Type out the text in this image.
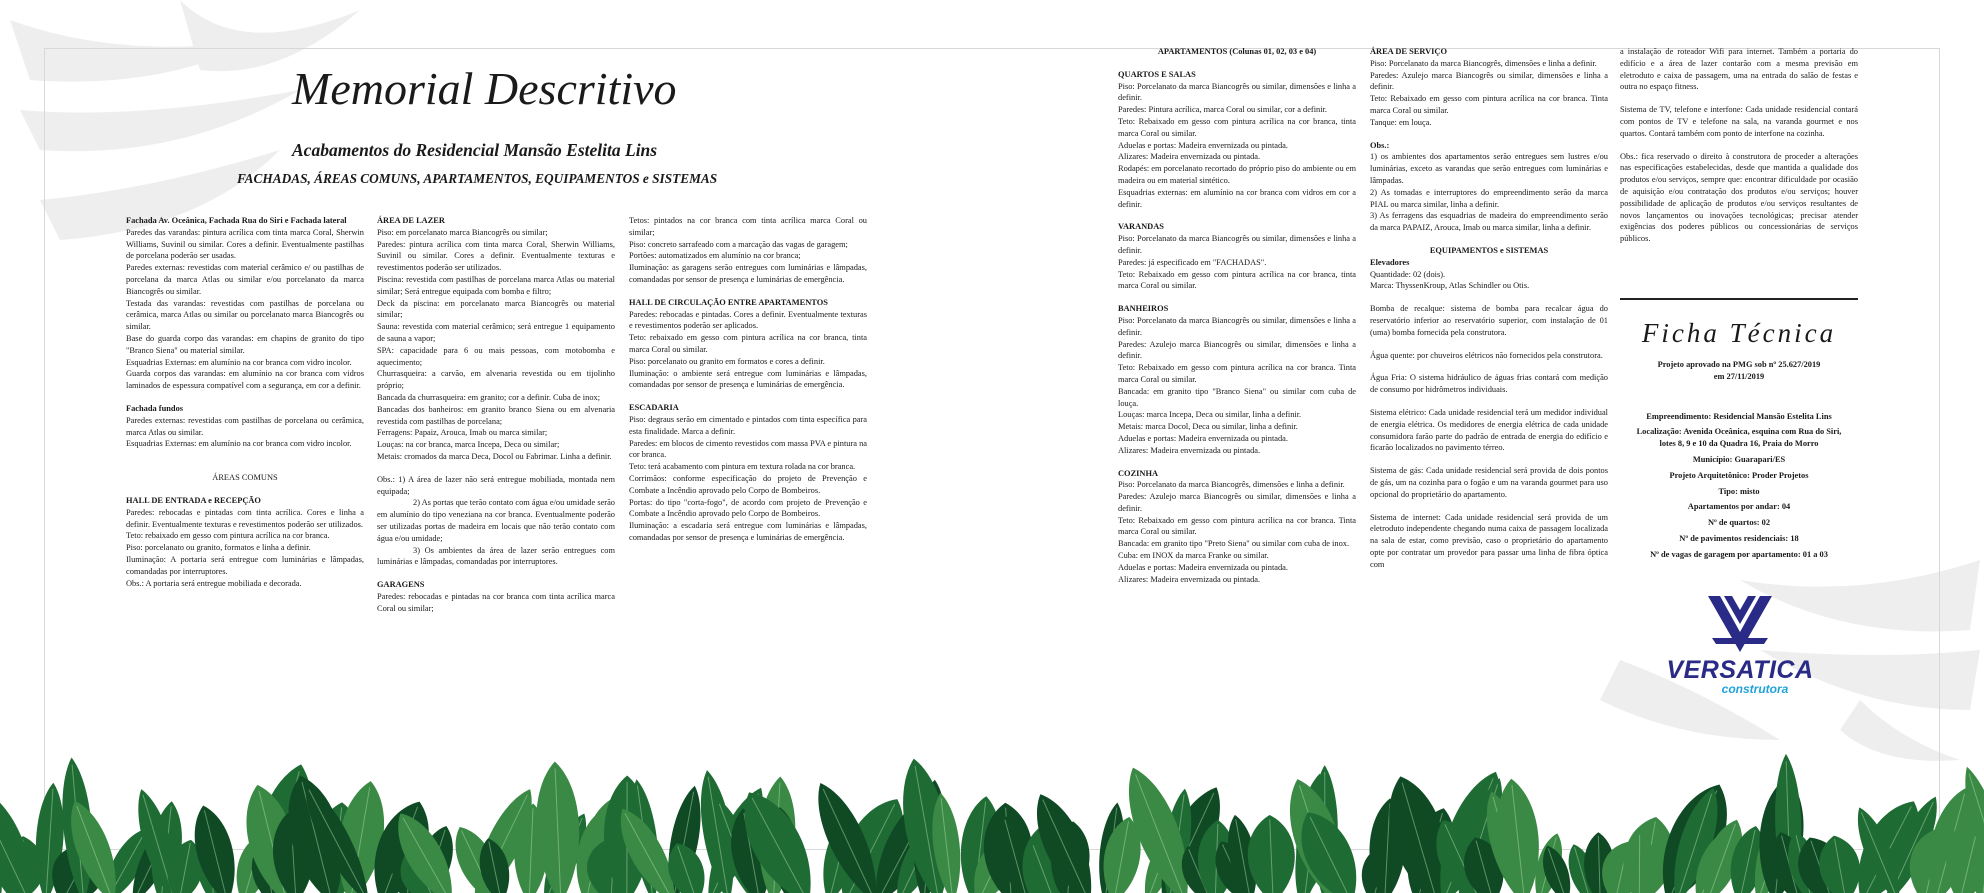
Memorial Descritivo
Acabamentos do Residencial Mansão Estelita Lins
FACHADAS, ÁREAS COMUNS, APARTAMENTOS, EQUIPAMENTOS e SISTEMAS

Fachada Av. Oceânica, Fachada Rua do Siri e Fachada lateral

Paredes das varandas: pintura acrílica com tinta marca Coral, Sherwin Williams, Suvinil ou similar. Cores a definir. Eventualmente pastilhas de porcelana poderão ser usadas.

Paredes externas: revestidas com material cerâmico e/ ou pastilhas de porcelana da marca Atlas ou similar e/ou porcelanato da marca Biancogrês ou similar.

Testada das varandas: revestidas com pastilhas de porcelana ou cerâmica, marca Atlas ou similar ou porcelanato marca Biancogrês ou similar.

Base do guarda corpo das varandas: em chapins de granito do tipo "Branco Siena" ou material similar.

Esquadrias Externas: em alumínio na cor branca com vidro incolor.

Guarda corpos das varandas: em alumínio na cor branca com vidros laminados de espessura compatível com a segurança, em cor a definir.

Fachada fundos

Paredes externas: revestidas com pastilhas de porcelana ou cerâmica, marca Atlas ou similar.

Esquadrias Externas: em alumínio na cor branca com vidro incolor.

ÁREAS COMUNS

HALL DE ENTRADA e RECEPÇÃO

Paredes: rebocadas e pintadas com tinta acrílica. Cores e linha a definir. Eventualmente texturas e revestimentos poderão ser utilizados.

Teto: rebaixado em gesso com pintura acrílica na cor branca.

Piso: porcelanato ou granito, formatos e linha a definir.

Iluminação: A portaria será entregue com luminárias e lâmpadas, comandadas por interruptores.

Obs.: A portaria será entregue mobiliada e decorada.

ÁREA DE LAZER

Piso: em porcelanato marca Biancogrês ou similar;

Paredes: pintura acrílica com tinta marca Coral, Sherwin Williams, Suvinil ou similar. Cores a definir. Eventualmente texturas e revestimentos poderão ser utilizados.

Piscina: revestida com pastilhas de porcelana marca Atlas ou material similar; Será entregue equipada com bomba e filtro;

Deck da piscina: em porcelanato marca Biancogrês ou material similar;

Sauna: revestida com material cerâmico; será entregue 1 equipamento de sauna a vapor;

SPA: capacidade para 6 ou mais pessoas, com motobomba e aquecimento;

Churrasqueira: a carvão, em alvenaria revestida ou em tijolinho próprio;

Bancada da churrasqueira: em granito; cor a definir. Cuba de inox;

Bancadas dos banheiros: em granito branco Siena ou em alvenaria revestida com pastilhas de porcelana;

Ferragens: Papaiz, Arouca, Imab ou marca similar;

Louças: na cor branca, marca Incepa, Deca ou similar;

Metais: cromados da marca Deca, Docol ou Fabrimar. Linha a definir.

Obs.: 1) A área de lazer não será entregue mobiliada, montada nem equipada;

2) As portas que terão contato com água e/ou umidade serão em alumínio do tipo veneziana na cor branca. Eventualmente poderão ser utilizadas portas de madeira em locais que não terão contato com água e/ou umidade;

3) Os ambientes da área de lazer serão entregues com luminárias e lâmpadas, comandadas por interruptores.

GARAGENS

Paredes: rebocadas e pintadas na cor branca com tinta acrílica marca Coral ou similar;

Tetos: pintados na cor branca com tinta acrílica marca Coral ou similar;

Piso: concreto sarrafeado com a marcação das vagas de garagem;

Portões: automatizados em alumínio na cor branca;

Iluminação: as garagens serão entregues com luminárias e lâmpadas, comandadas por sensor de presença e luminárias de emergência.

HALL DE CIRCULAÇÃO ENTRE APARTAMENTOS

Paredes: rebocadas e pintadas. Cores a definir. Eventualmente texturas e revestimentos poderão ser aplicados.

Teto: rebaixado em gesso com pintura acrílica na cor branca, tinta marca Coral ou similar.

Piso: porcelanato ou granito em formatos e cores a definir.

Iluminação: o ambiente será entregue com luminárias e lâmpadas, comandadas por sensor de presença e luminárias de emergência.

ESCADARIA

Piso: degraus serão em cimentado e pintados com tinta específica para esta finalidade. Marca a definir.

Paredes: em blocos de cimento revestidos com massa PVA e pintura na cor branca.

Teto: terá acabamento com pintura em textura rolada na cor branca.

Corrimãos: conforme especificação do projeto de Prevenção e Combate a Incêndio aprovado pelo Corpo de Bombeiros.

Portas: do tipo "corta-fogo", de acordo com projeto de Prevenção e Combate a Incêndio aprovado pelo Corpo de Bombeiros.

Iluminação: a escadaria será entregue com luminárias e lâmpadas, comandadas por sensor de presença e luminárias de emergência.

APARTAMENTOS (Colunas 01, 02, 03 e 04)

QUARTOS E SALAS

Piso: Porcelanato da marca Biancogrês ou similar, dimensões e linha a definir.

Paredes: Pintura acrílica, marca Coral ou similar, cor a definir.

Teto: Rebaixado em gesso com pintura acrílica na cor branca, tinta marca Coral ou similar.

Aduelas e portas: Madeira envernizada ou pintada.

Alizares: Madeira envernizada ou pintada.

Rodapés: em porcelanato recortado do próprio piso do ambiente ou em madeira ou em material sintético.

Esquadrias externas: em alumínio na cor branca com vidros em cor a definir.

VARANDAS

Piso: Porcelanato da marca Biancogrês ou similar, dimensões e linha a definir.

Paredes: já especificado em "FACHADAS".

Teto: Rebaixado em gesso com pintura acrílica na cor branca, tinta marca Coral ou similar.

BANHEIROS

Piso: Porcelanato da marca Biancogrês ou similar, dimensões e linha a definir.

Paredes: Azulejo marca Biancogrês ou similar, dimensões e linha a definir.

Teto: Rebaixado em gesso com pintura acrílica na cor branca. Tinta marca Coral ou similar.

Bancada: em granito tipo "Branco Siena" ou similar com cuba de louça.

Louças: marca Incepa, Deca ou similar, linha a definir.

Metais: marca Docol, Deca ou similar, linha a definir.

Aduelas e portas: Madeira envernizada ou pintada.

Alizares: Madeira envernizada ou pintada.

COZINHA

Piso: Porcelanato da marca Biancogrês, dimensões e linha a definir.

Paredes: Azulejo marca Biancogrês ou similar, dimensões e linha a definir.

Teto: Rebaixado em gesso com pintura acrílica na cor branca. Tinta marca Coral ou similar.

Bancada: em granito tipo "Preto Siena" ou similar com cuba de inox.

Cuba: em INOX da marca Franke ou similar.

Aduelas e portas: Madeira envernizada ou pintada.

Alizares: Madeira envernizada ou pintada.

ÁREA DE SERVIÇO

Piso: Porcelanato da marca Biancogrês, dimensões e linha a definir.

Paredes: Azulejo marca Biancogrês ou similar, dimensões e linha a definir.

Teto: Rebaixado em gesso com pintura acrílica na cor branca. Tinta marca Coral ou similar.

Tanque: em louça.

Obs.:

1) os ambientes dos apartamentos serão entregues sem lustres e/ou luminárias, exceto as varandas que serão entregues com luminárias e lâmpadas.

2) As tomadas e interruptores do empreendimento serão da marca PIAL ou marca similar, linha a definir.

3) As ferragens das esquadrias de madeira do empreendimento serão da marca PAPAIZ, Arouca, Imab ou marca similar, linha a definir.

EQUIPAMENTOS e SISTEMAS

Elevadores

Quantidade: 02 (dois).

Marca: ThyssenKroup, Atlas Schindler ou Otis.

Bomba de recalque: sistema de bomba para recalcar água do reservatório inferior ao reservatório superior, com instalação de 01 (uma) bomba fornecida pela construtora.

Água quente: por chuveiros elétricos não fornecidos pela construtora.

Água Fria: O sistema hidráulico de águas frias contará com medição de consumo por hidrômetros individuais.

Sistema elétrico: Cada unidade residencial terá um medidor individual de energia elétrica. Os medidores de energia elétrica de cada unidade consumidora farão parte do padrão de entrada de energia do edifício e ficarão localizados no pavimento térreo.

Sistema de gás: Cada unidade residencial será provida de dois pontos de gás, um na cozinha para o fogão e um na varanda gourmet para uso opcional do proprietário do apartamento.

Sistema de internet: Cada unidade residencial será provida de um eletroduto independente chegando numa caixa de passagem localizada na sala de estar, como previsão, caso o proprietário do apartamento opte por contratar um provedor para passar uma linha de fibra óptica com

a instalação de roteador Wifi para internet. Também a portaria do edifício e a área de lazer contarão com a mesma previsão em eletroduto e caixa de passagem, uma na entrada do salão de festas e outra no espaço fitness.

Sistema de TV, telefone e interfone: Cada unidade residencial contará com pontos de TV e telefone na sala, na varanda gourmet e nos quartos. Contará também com ponto de interfone na cozinha.

Obs.: fica reservado o direito à construtora de proceder a alterações nas especificações estabelecidas, desde que mantida a qualidade dos produtos e/ou serviços, sempre que: encontrar dificuldade por ocasião de aquisição e/ou contratação dos produtos e/ou serviços; houver possibilidade de aplicação de produtos e/ou serviços resultantes de novos lançamentos ou inovações tecnológicas; precisar atender exigências dos poderes públicos ou concessionárias de serviços públicos.

Ficha Técnica

Projeto aprovado na PMG sob nº 25.627/2019

em 27/11/2019

Empreendimento: Residencial Mansão Estelita Lins

Localização: Avenida Oceânica, esquina com Rua do Siri,

lotes 8, 9 e 10 da Quadra 16, Praia do Morro

Município: Guarapari/ES

Projeto Arquitetônico: Proder Projetos

Tipo: misto

Apartamentos por andar: 04

Nº de quartos: 02

Nº de pavimentos residenciais: 18

Nº de vagas de garagem por apartamento: 01 a 03

VERSATICA
construtora
